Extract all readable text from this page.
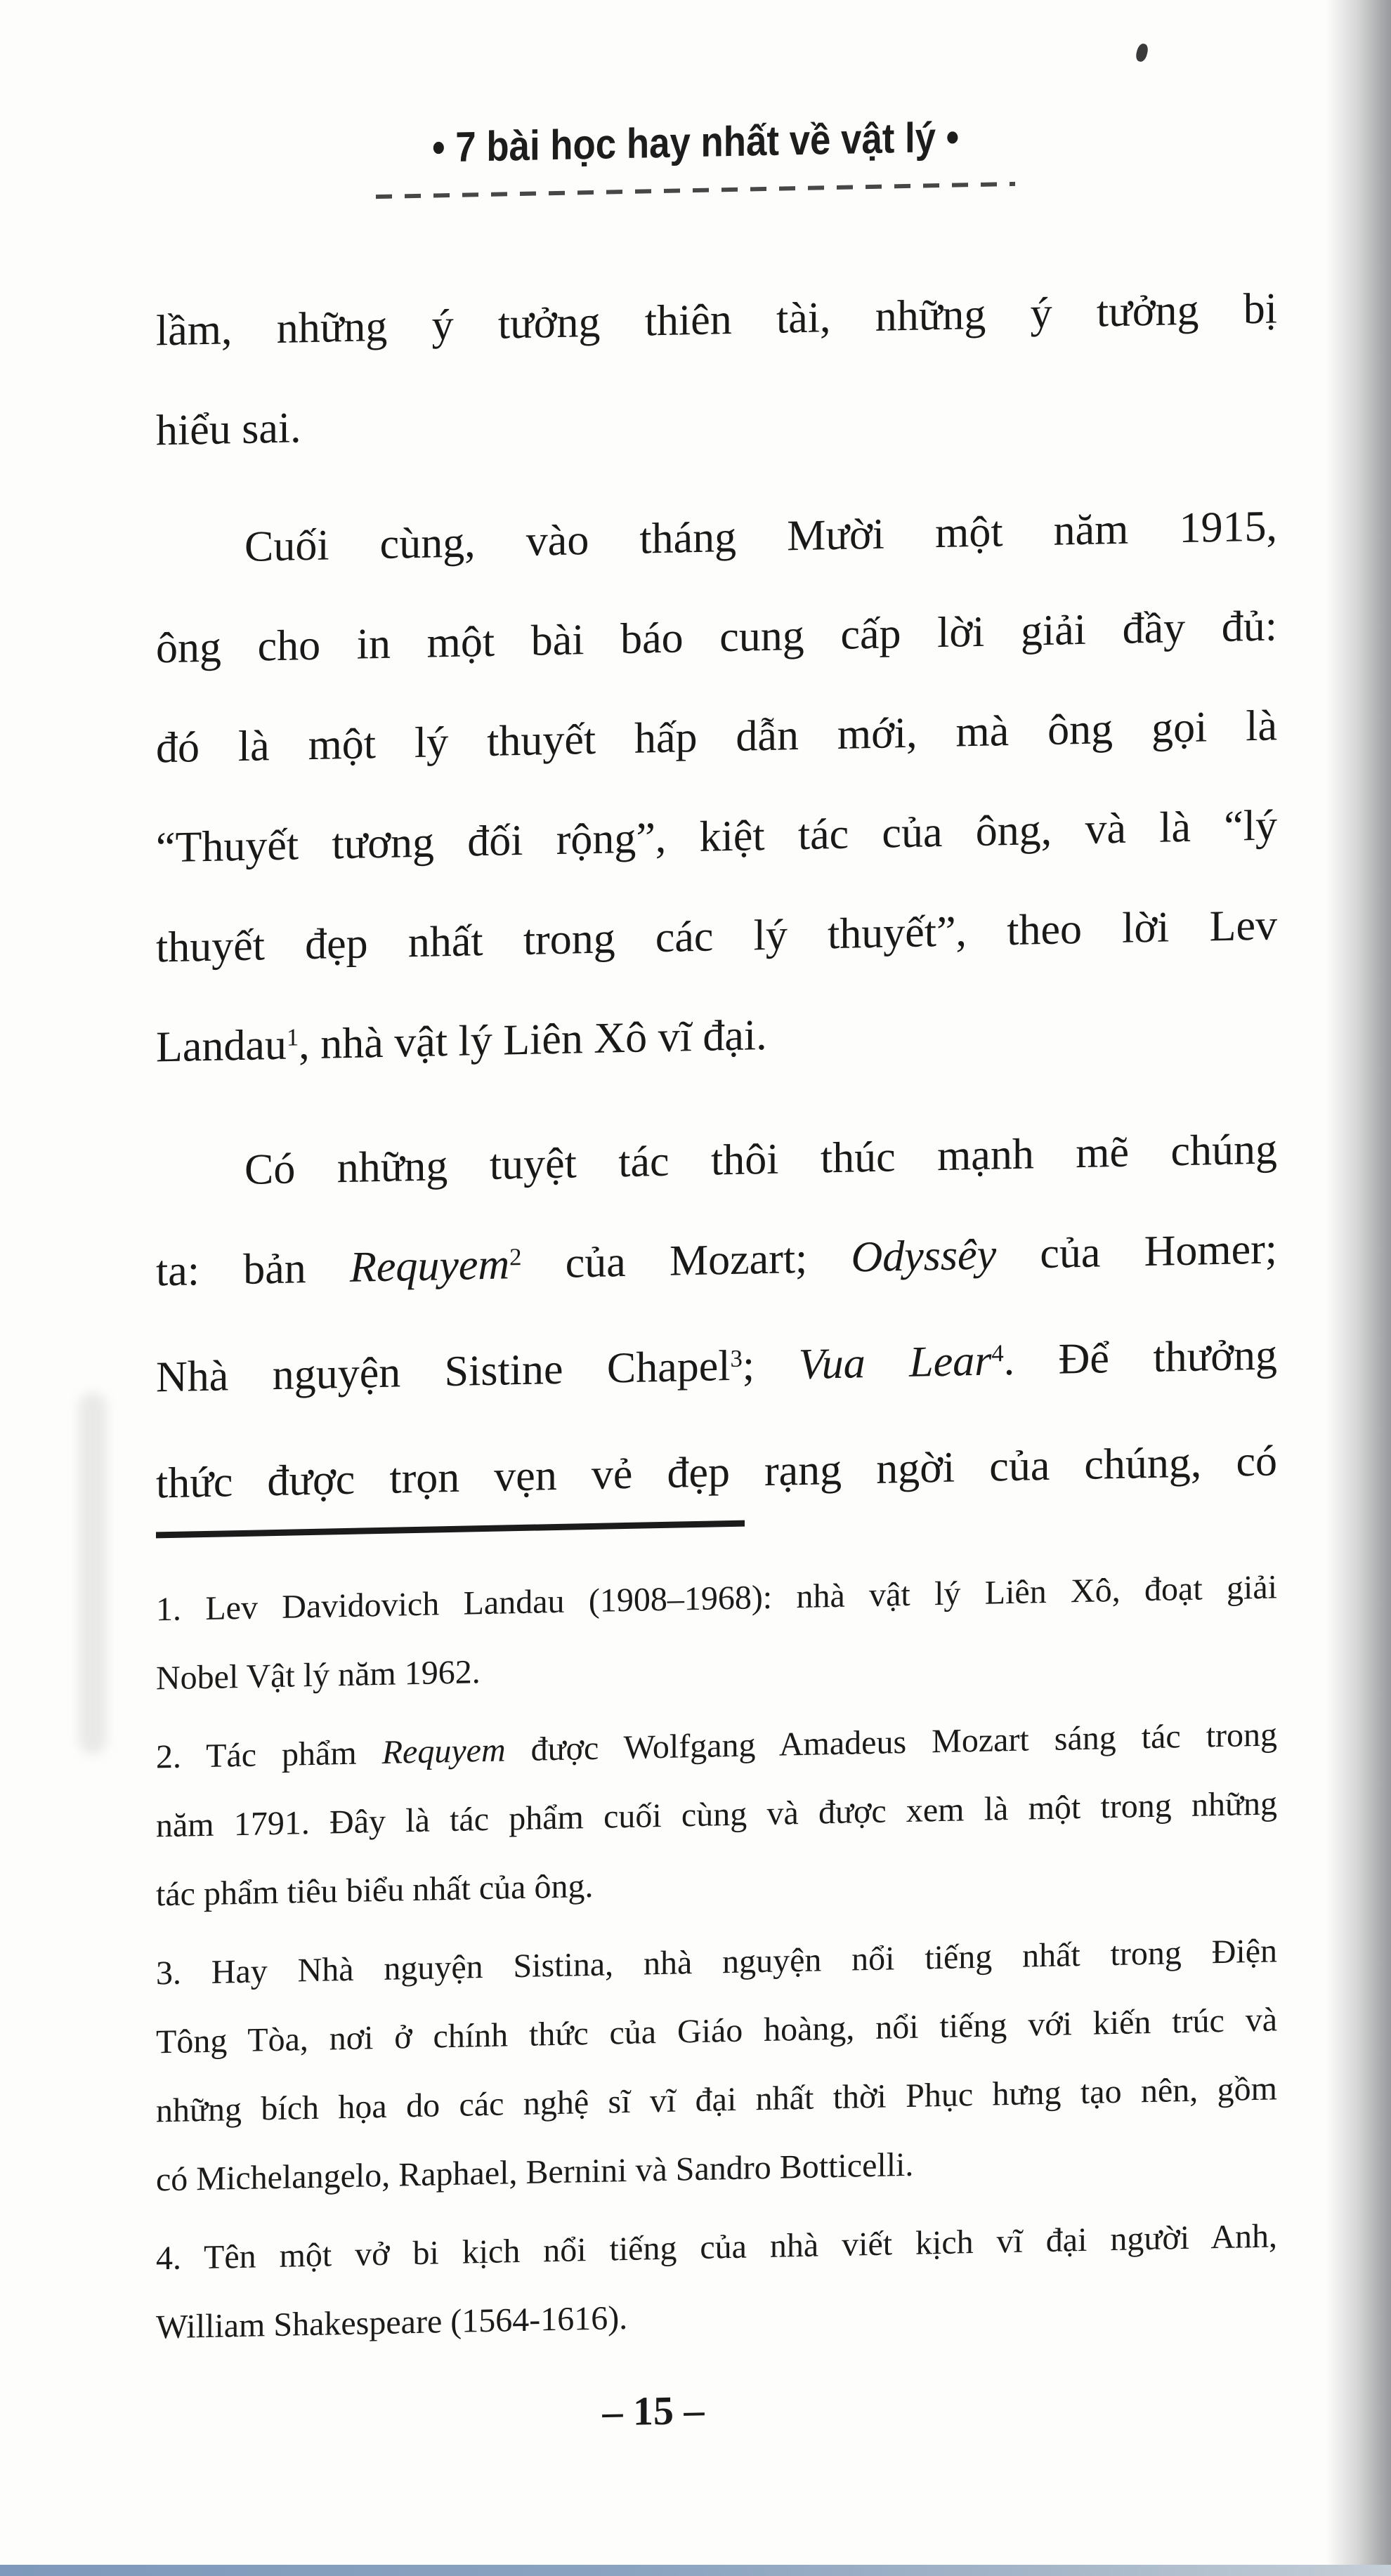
• 7 bài học hay nhất về vật lý •
lầm, những ý tưởng thiên tài, những ý tưởng bị
hiểu sai.
Cuối cùng, vào tháng Mười một năm 1915,
ông cho in một bài báo cung cấp lời giải đầy đủ:
đó là một lý thuyết hấp dẫn mới, mà ông gọi là
“Thuyết tương đối rộng”, kiệt tác của ông, và là “lý
thuyết đẹp nhất trong các lý thuyết”, theo lời Lev
Landau$^1$, nhà vật lý Liên Xô vĩ đại.
Có những tuyệt tác thôi thúc mạnh mẽ chúng
ta: bản Requyem$^2$ của Mozart; Odyssêy của Homer;
Nhà nguyện Sistine Chapel$^3$; Vua Lear$^4$. Để thưởng
thức được trọn vẹn vẻ đẹp rạng ngời của chúng, có
1. Lev Davidovich Landau (1908–1968): nhà vật lý Liên Xô, đoạt giải
Nobel Vật lý năm 1962.
2. Tác phẩm Requyem được Wolfgang Amadeus Mozart sáng tác trong
năm 1791. Đây là tác phẩm cuối cùng và được xem là một trong những
tác phẩm tiêu biểu nhất của ông.
3. Hay Nhà nguyện Sistina, nhà nguyện nổi tiếng nhất trong Điện
Tông Tòa, nơi ở chính thức của Giáo hoàng, nổi tiếng với kiến trúc và
những bích họa do các nghệ sĩ vĩ đại nhất thời Phục hưng tạo nên, gồm
có Michelangelo, Raphael, Bernini và Sandro Botticelli.
4. Tên một vở bi kịch nổi tiếng của nhà viết kịch vĩ đại người Anh,
William Shakespeare (1564-1616).
– 15 –
